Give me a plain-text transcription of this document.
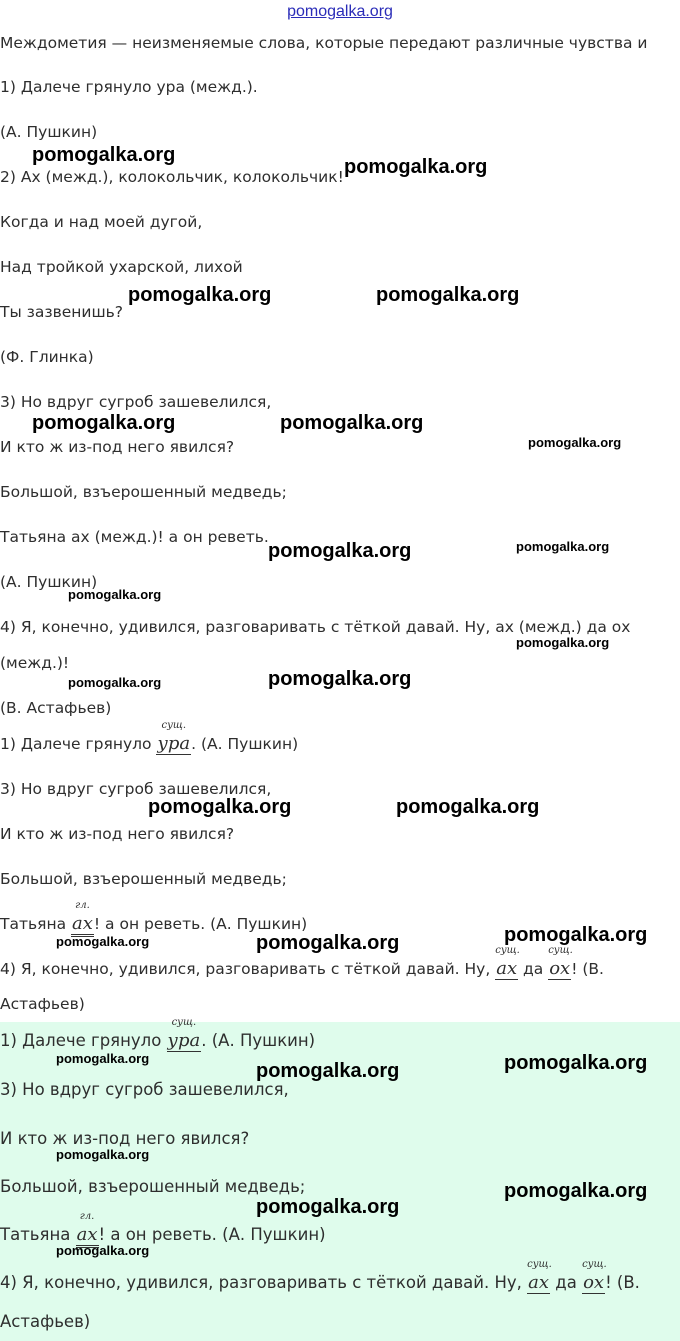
pomogalka.org
Междометия — неизменяемые слова, которые передают различные чувства и
1) Далече грянуло ура (межд.).
(А. Пушкин)
2) Ах (межд.), колокольчик, колокольчик!
Когда и над моей дугой,
Над тройкой ухарской, лихой
Ты зазвенишь?
(Ф. Глинка)
3) Но вдруг сугроб зашевелился,
И кто ж из-под него явился?
Большой, взъерошенный медведь;
Татьяна ах (межд.)! а он реветь.
(А. Пушкин)
4) Я, конечно, удивился, разговаривать с тёткой давай. Ну, ах (межд.) да ох
(межд.)!
(В. Астафьев)
1) Далече грянуло
сущ.
ура. (А. Пушкин)
3) Но вдруг сугроб зашевелился,
И кто ж из-под него явился?
Большой, взъерошенный медведь;
Татьяна
гл.
ах! а он реветь. (А. Пушкин)
4) Я, конечно, удивился, разговаривать с тёткой давай. Ну,
сущ.
ах да
сущ.
ох! (В.
Астафьев)
1) Далече грянуло
сущ.
ура. (А. Пушкин)
3) Но вдруг сугроб зашевелился,
И кто ж из-под него явился?
Большой, взъерошенный медведь;
Татьяна
гл.
ах! а он реветь. (А. Пушкин)
4) Я, конечно, удивился, разговаривать с тёткой давай. Ну,
сущ.
ах да
сущ.
ох! (В.
Астафьев)
pomogalka.org
pomogalka.org
pomogalka.org	pomogalka.org
pomogalka.org	pomogalka.org
pomogalka.org
pomogalka.org	pomogalka.org
pomogalka.org
pomogalka.org
pomogalka.org	pomogalka.org
pomogalka.org	pomogalka.org
pomogalka.org	pomogalka.org	pomogalka.org
pomogalka.org	pomogalka.org
pomogalka.org
pomogalka.org
pomogalka.org
pomogalka.org
pomogalka.org
